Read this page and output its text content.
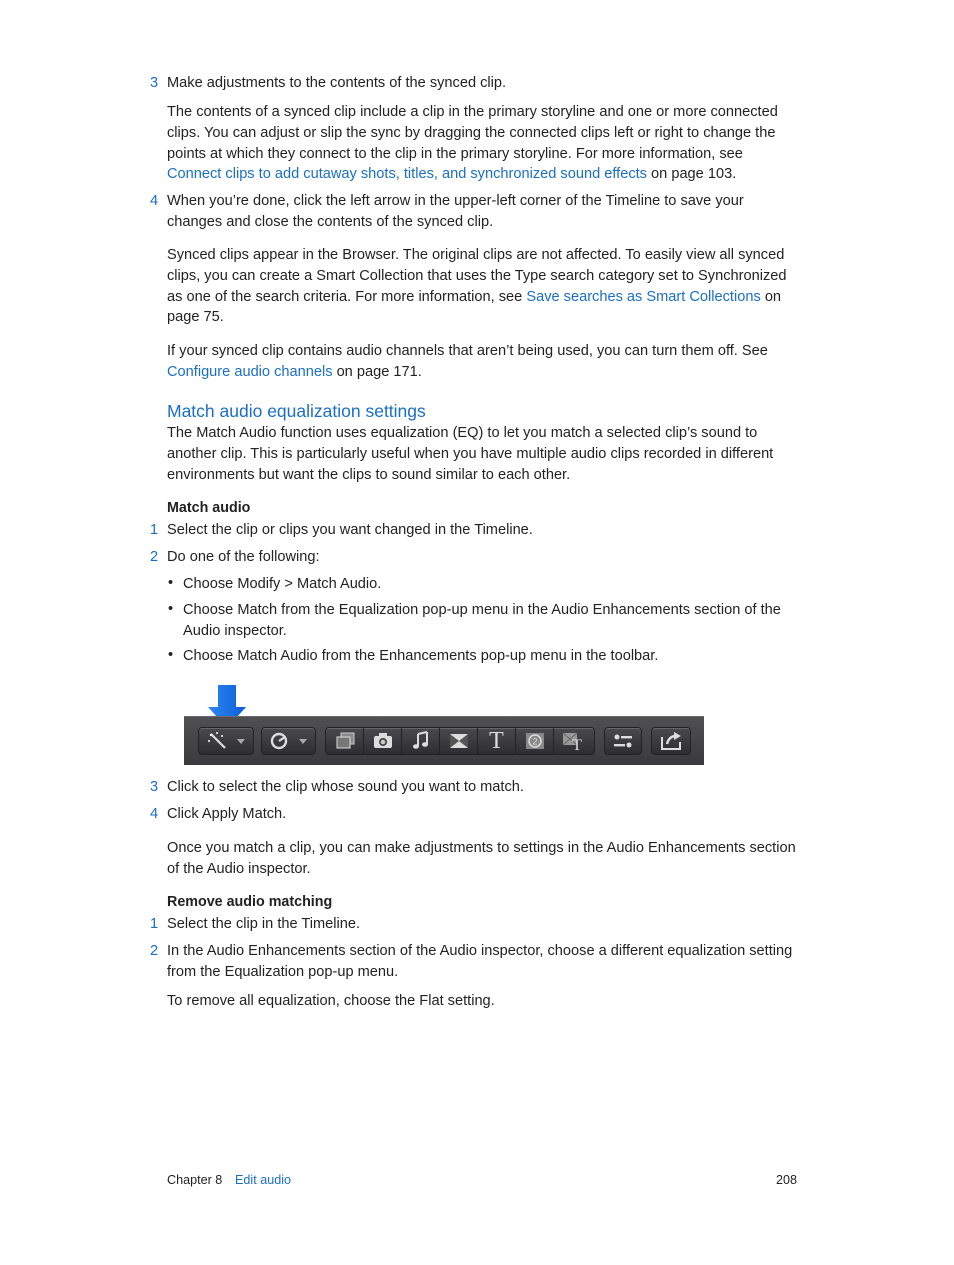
3 Make adjustments to the contents of the synced clip.
The contents of a synced clip include a clip in the primary storyline and one or more connected clips. You can adjust or slip the sync by dragging the connected clips left or right to change the points at which they connect to the clip in the primary storyline. For more information, see Connect clips to add cutaway shots, titles, and synchronized sound effects on page 103.
4 When you’re done, click the left arrow in the upper-left corner of the Timeline to save your changes and close the contents of the synced clip.
Synced clips appear in the Browser. The original clips are not affected. To easily view all synced clips, you can create a Smart Collection that uses the Type search category set to Synchronized as one of the search criteria. For more information, see Save searches as Smart Collections on page 75.
If your synced clip contains audio channels that aren’t being used, you can turn them off. See Configure audio channels on page 171.
Match audio equalization settings
The Match Audio function uses equalization (EQ) to let you match a selected clip’s sound to another clip. This is particularly useful when you have multiple audio clips recorded in different environments but want the clips to sound similar to each other.
Match audio
1 Select the clip or clips you want changed in the Timeline.
2 Do one of the following:
• Choose Modify > Match Audio.
• Choose Match from the Equalization pop-up menu in the Audio Enhancements section of the Audio inspector.
• Choose Match Audio from the Enhancements pop-up menu in the toolbar.
T	2 T
3 Click to select the clip whose sound you want to match.
4 Click Apply Match.
Once you match a clip, you can make adjustments to settings in the Audio Enhancements section of the Audio inspector.
Remove audio matching
1 Select the clip in the Timeline.
2 In the Audio Enhancements section of the Audio inspector, choose a different equalization setting from the Equalization pop-up menu.
To remove all equalization, choose the Flat setting.
Chapter 8 Edit audio	208
